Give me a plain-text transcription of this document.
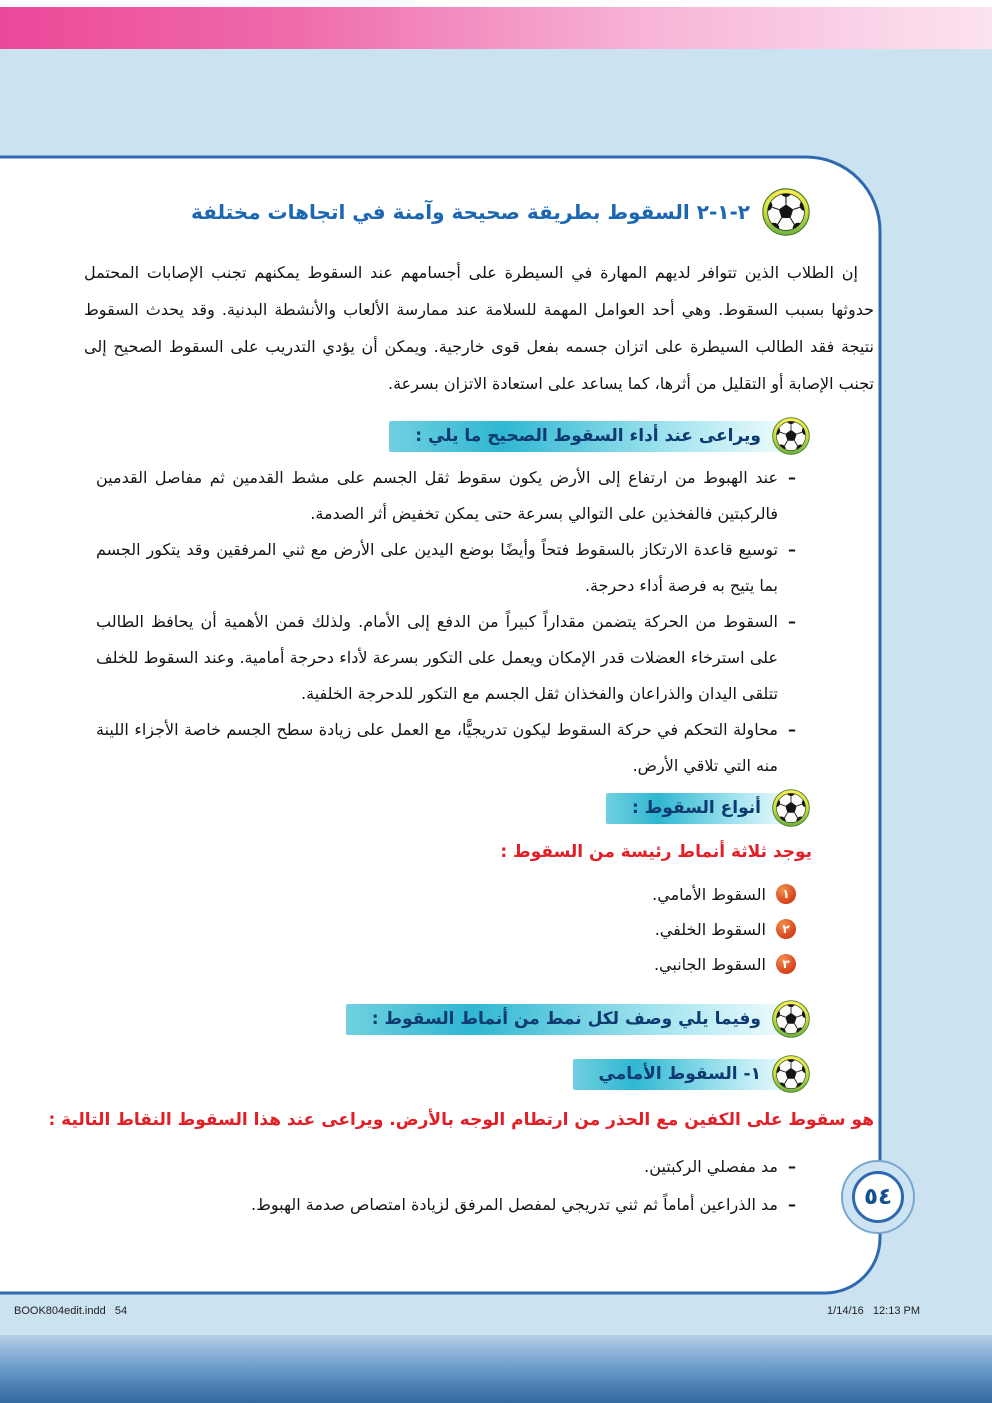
٢-١-٢ السقوط بطريقة صحيحة وآمنة في اتجاهات مختلفة

إن الطلاب الذين تتوافر لديهم المهارة في السيطرة على أجسامهم عند السقوط يمكنهم تجنب الإصابات المحتمل حدوثها بسبب السقوط. وهي أحد العوامل المهمة للسلامة عند ممارسة الألعاب والأنشطة البدنية. وقد يحدث السقوط نتيجة فقد الطالب السيطرة على اتزان جسمه بفعل قوى خارجية. ويمكن أن يؤدي التدريب على السقوط الصحيح إلى تجنب الإصابة أو التقليل من أثرها، كما يساعد على استعادة الاتزان بسرعة.

ويراعى عند أداء السقوط الصحيح ما يلي :
–
عند الهبوط من ارتفاع إلى الأرض يكون سقوط ثقل الجسم على مشط القدمين ثم مفاصل القدمين فالركبتين فالفخذين على التوالي بسرعة حتى يمكن تخفيض أثر الصدمة.
–
توسيع قاعدة الارتكاز بالسقوط فتحاً وأيضًا بوضع اليدين على الأرض مع ثني المرفقين وقد يتكور الجسم بما يتيح به فرصة أداء دحرجة.
–
السقوط من الحركة يتضمن مقداراً كبيراً من الدفع إلى الأمام. ولذلك فمن الأهمية أن يحافظ الطالب على استرخاء العضلات قدر الإمكان ويعمل على التكور بسرعة لأداء دحرجة أمامية. وعند السقوط للخلف تتلقى اليدان والذراعان والفخذان ثقل الجسم مع التكور للدحرجة الخلفية.
–
محاولة التحكم في حركة السقوط ليكون تدريجيًّا، مع العمل على زيادة سطح الجسم خاصة الأجزاء اللينة منه التي تلاقي الأرض.
أنواع السقوط :
يوجد ثلاثة أنماط رئيسة من السقوط :
١
السقوط الأمامي.
٢
السقوط الخلفي.
٣
السقوط الجانبي.
وفيما يلي وصف لكل نمط من أنماط السقوط :
١- السقوط الأمامي
هو سقوط على الكفين مع الحذر من ارتطام الوجه بالأرض. ويراعى عند هذا السقوط النقاط التالية :
–
مد مفصلي الركبتين.
–
مد الذراعين أماماً ثم ثني تدريجي لمفصل المرفق لزيادة امتصاص صدمة الهبوط.	٥٤
BOOK804edit.indd   54	1/14/16   12:13 PM
